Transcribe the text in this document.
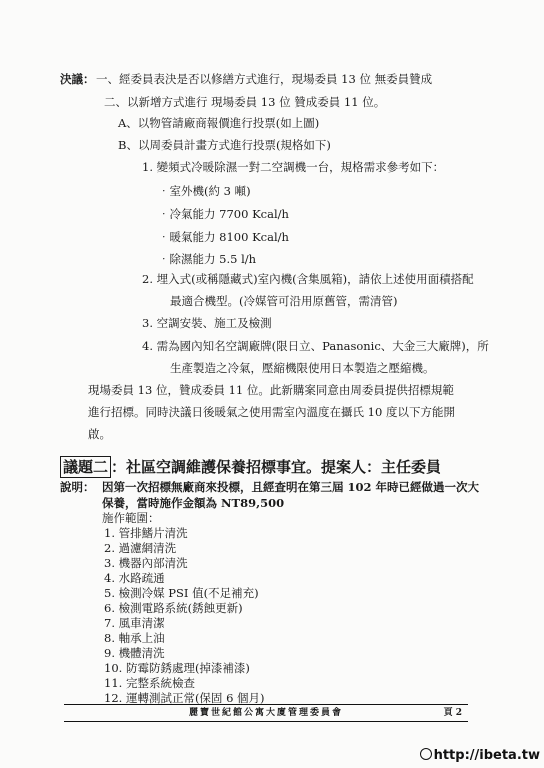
決議： 一、經委員表決是否以修繕方式進行，現場委員 13 位 無委員贊成
二、以新增方式進行 現場委員 13 位 贊成委員 11 位。
A、以物管請廠商報價進行投票(如上圖)
B、以周委員計畫方式進行投票(規格如下)
1. 變頻式冷暖除濕一對二空調機一台，規格需求參考如下：
‧室外機(約 3 噸)
‧冷氣能力 7700 Kcal/h
‧暖氣能力 8100 Kcal/h
‧除濕能力 5.5 l/h
2. 埋入式(或稱隱藏式)室內機(含集風箱)，請依上述使用面積搭配
最適合機型。(冷媒管可沿用原舊管，需清管)
3. 空調安裝、施工及檢測
4. 需為國內知名空調廠牌(限日立、Panasonic、大金三大廠牌)，所
生產製造之冷氣，壓縮機限使用日本製造之壓縮機。
現場委員 13 位，贊成委員 11 位。此新購案同意由周委員提供招標規範
進行招標。同時決議日後暖氣之使用需室內溫度在攝氏 10 度以下方能開
啟。
議題二 ：社區空調維護保養招標事宜。提案人：主任委員
說明： 因第一次招標無廠商來投標，且經查明在第三屆 102 年時已經做過一次大
保養，當時施作金額為 NT89,500
施作範圍：
1. 管排鰭片清洗
2. 過濾網清洗
3. 機器內部清洗
4. 水路疏通
5. 檢測冷媒 PSI 值(不足補充)
6. 檢測電路系統(銹蝕更新)
7. 風車清潔
8. 軸承上油
9. 機體清洗
10. 防霉防銹處理(掉漆補漆)
11. 完整系統檢查
12. 運轉測試正常(保固 6 個月)
麗寶世紀館公寓大廈管理委員會	頁 2
http://ibeta.tw
